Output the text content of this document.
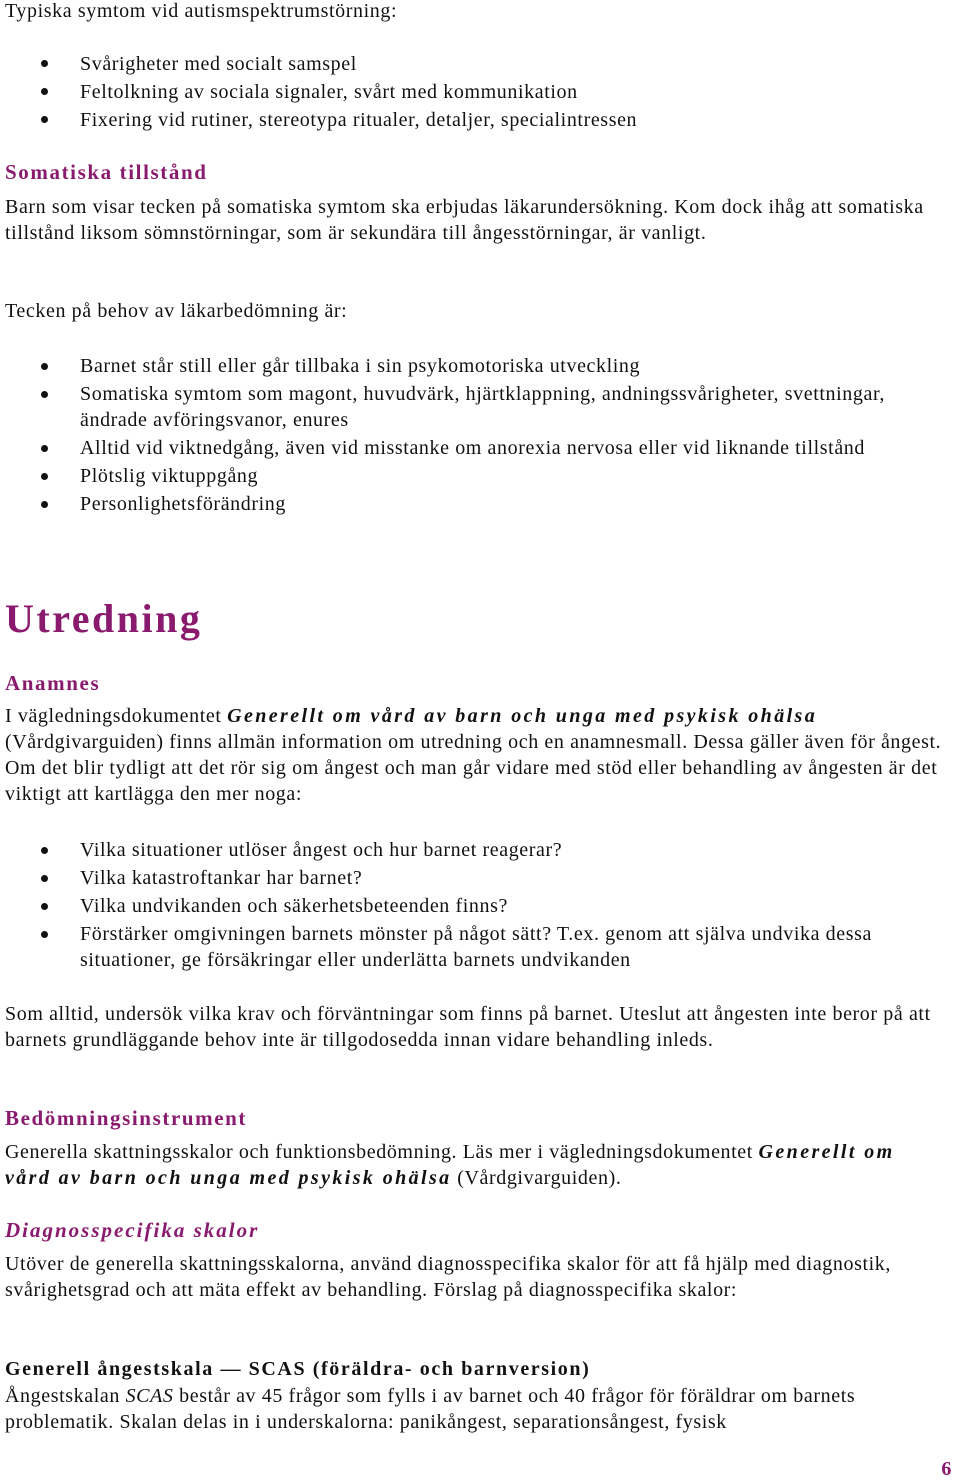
Typiska symtom vid autismspektrumstörning:

Svårigheter med socialt samspel
Feltolkning av sociala signaler, svårt med kommunikation
Fixering vid rutiner, stereotypa ritualer, detaljer, specialintressen

Somatiska tillstånd

Barn som visar tecken på somatiska symtom ska erbjudas läkarundersökning. Kom dock ihåg att somatiska tillstånd liksom sömnstörningar, som är sekundära till ångesstörningar, är vanligt.

Tecken på behov av läkarbedömning är:

Barnet står still eller går tillbaka i sin psykomotoriska utveckling
Somatiska symtom som magont, huvudvärk, hjärtklappning, andningssvårigheter, svettningar, ändrade avföringsvanor, enures
Alltid vid viktnedgång, även vid misstanke om anorexia nervosa eller vid liknande tillstånd
Plötslig viktuppgång
Personlighetsförändring

Utredning

Anamnes

I vägledningsdokumentet Generellt om vård av barn och unga med psykisk ohälsa (Vårdgivarguiden) finns allmän information om utredning och en anamnesmall. Dessa gäller även för ångest. Om det blir tydligt att det rör sig om ångest och man går vidare med stöd eller behandling av ångesten är det viktigt att kartlägga den mer noga:

Vilka situationer utlöser ångest och hur barnet reagerar?
Vilka katastroftankar har barnet?
Vilka undvikanden och säkerhetsbeteenden finns?
Förstärker omgivningen barnets mönster på något sätt? T.ex. genom att själva undvika dessa situationer, ge försäkringar eller underlätta barnets undvikanden

Som alltid, undersök vilka krav och förväntningar som finns på barnet. Uteslut att ångesten inte beror på att barnets grundläggande behov inte är tillgodosedda innan vidare behandling inleds.

Bedömningsinstrument

Generella skattningsskalor och funktionsbedömning. Läs mer i vägledningsdokumentet Generellt om vård av barn och unga med psykisk ohälsa (Vårdgivarguiden).

Diagnosspecifika skalor

Utöver de generella skattningsskalorna, använd diagnosspecifika skalor för att få hjälp med diagnostik, svårighetsgrad och att mäta effekt av behandling. Förslag på diagnosspecifika skalor:

Generell ångestskala — SCAS (föräldra- och barnversion)

Ångestskalan SCAS består av 45 frågor som fylls i av barnet och 40 frågor för föräldrar om barnets problematik. Skalan delas in i underskalorna: panikångest, separationsångest, fysisk

6
